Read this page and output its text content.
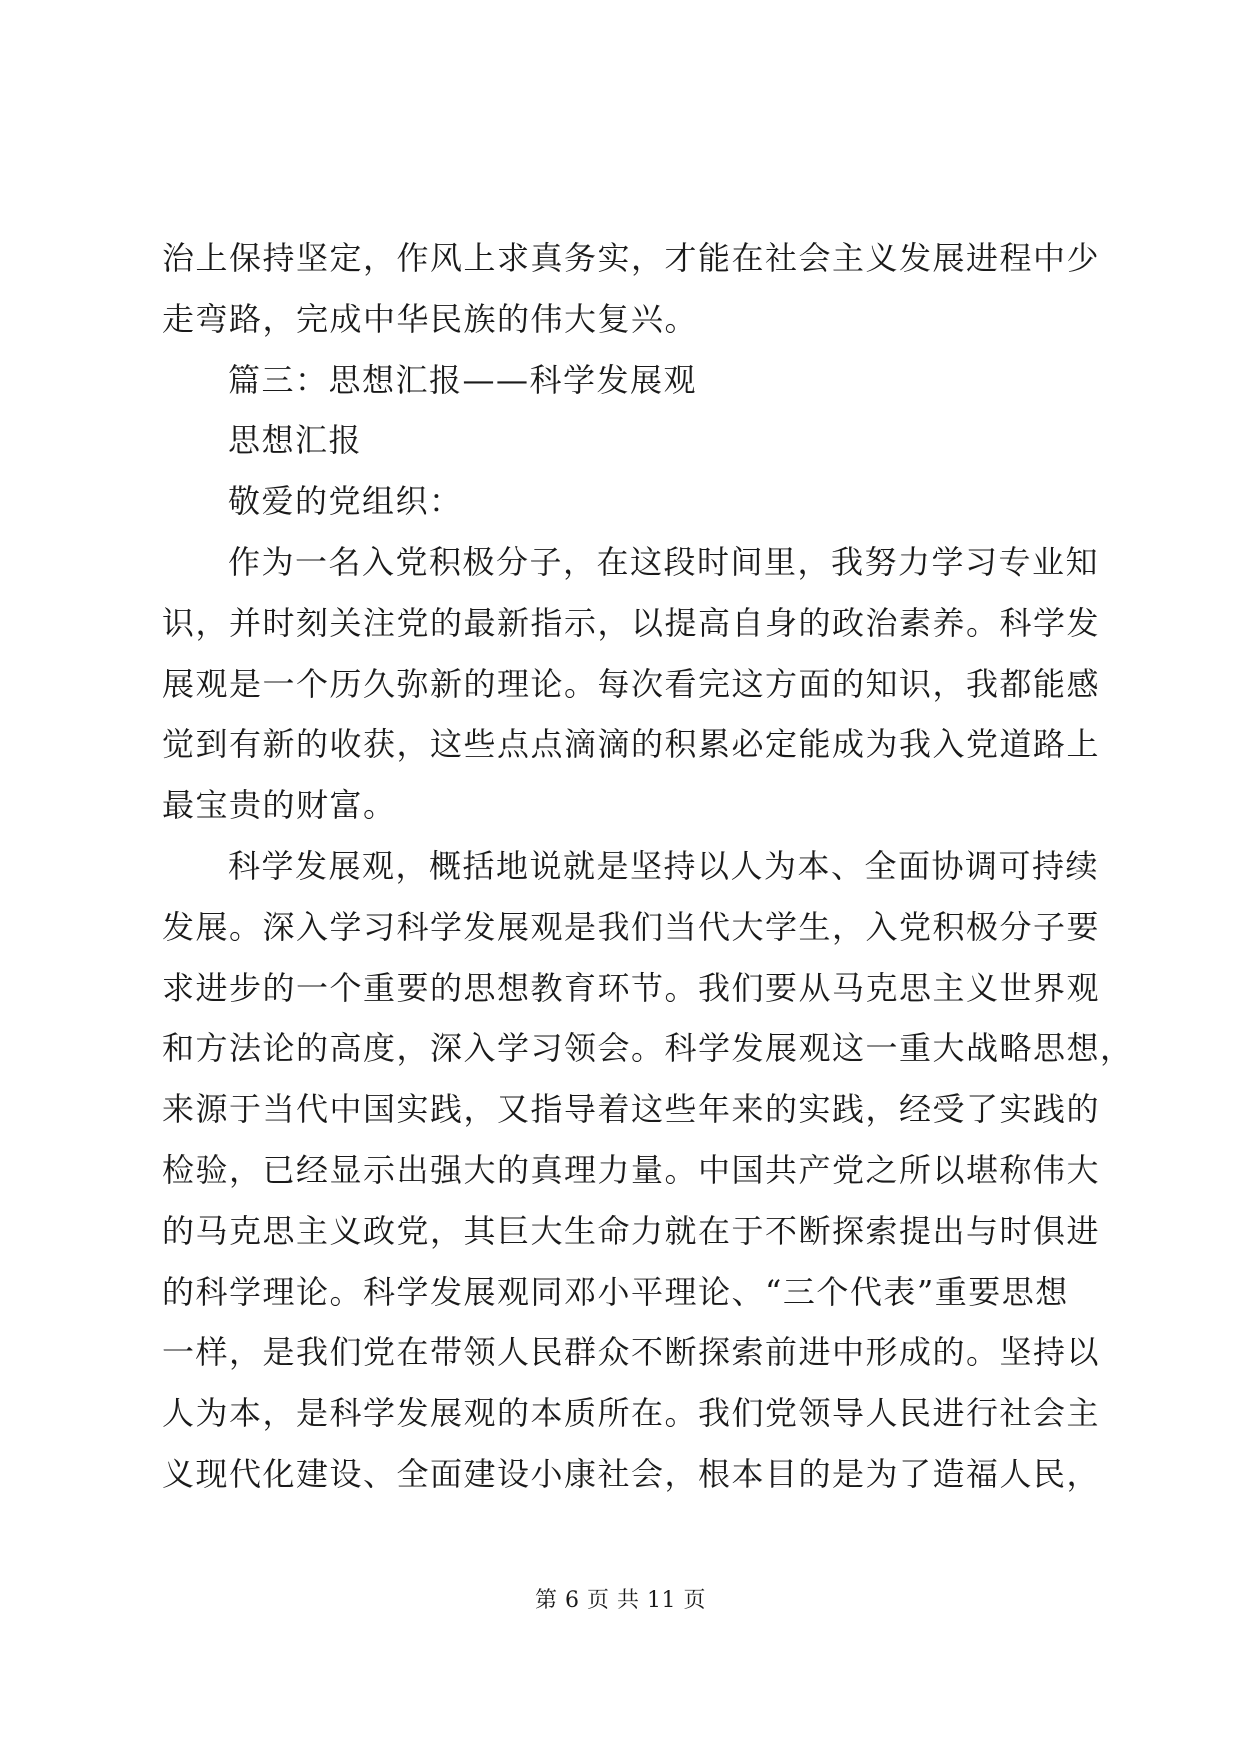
治上保持坚定，作风上求真务实，才能在社会主义发展进程中少
走弯路，完成中华民族的伟大复兴。
篇三：思想汇报——科学发展观
思想汇报
敬爱的党组织：
作为一名入党积极分子，在这段时间里，我努力学习专业知
识，并时刻关注党的最新指示，以提高自身的政治素养。科学发
展观是一个历久弥新的理论。每次看完这方面的知识，我都能感
觉到有新的收获，这些点点滴滴的积累必定能成为我入党道路上
最宝贵的财富。
科学发展观，概括地说就是坚持以人为本、全面协调可持续
发展。深入学习科学发展观是我们当代大学生，入党积极分子要
求进步的一个重要的思想教育环节。我们要从马克思主义世界观
和方法论的高度，深入学习领会。科学发展观这一重大战略思想，
来源于当代中国实践，又指导着这些年来的实践，经受了实践的
检验，已经显示出强大的真理力量。中国共产党之所以堪称伟大
的马克思主义政党，其巨大生命力就在于不断探索提出与时俱进
的科学理论。科学发展观同邓小平理论、“三个代表”重要思想
一样，是我们党在带领人民群众不断探索前进中形成的。坚持以
人为本，是科学发展观的本质所在。我们党领导人民进行社会主
义现代化建设、全面建设小康社会，根本目的是为了造福人民，
第 6 页 共 11 页
